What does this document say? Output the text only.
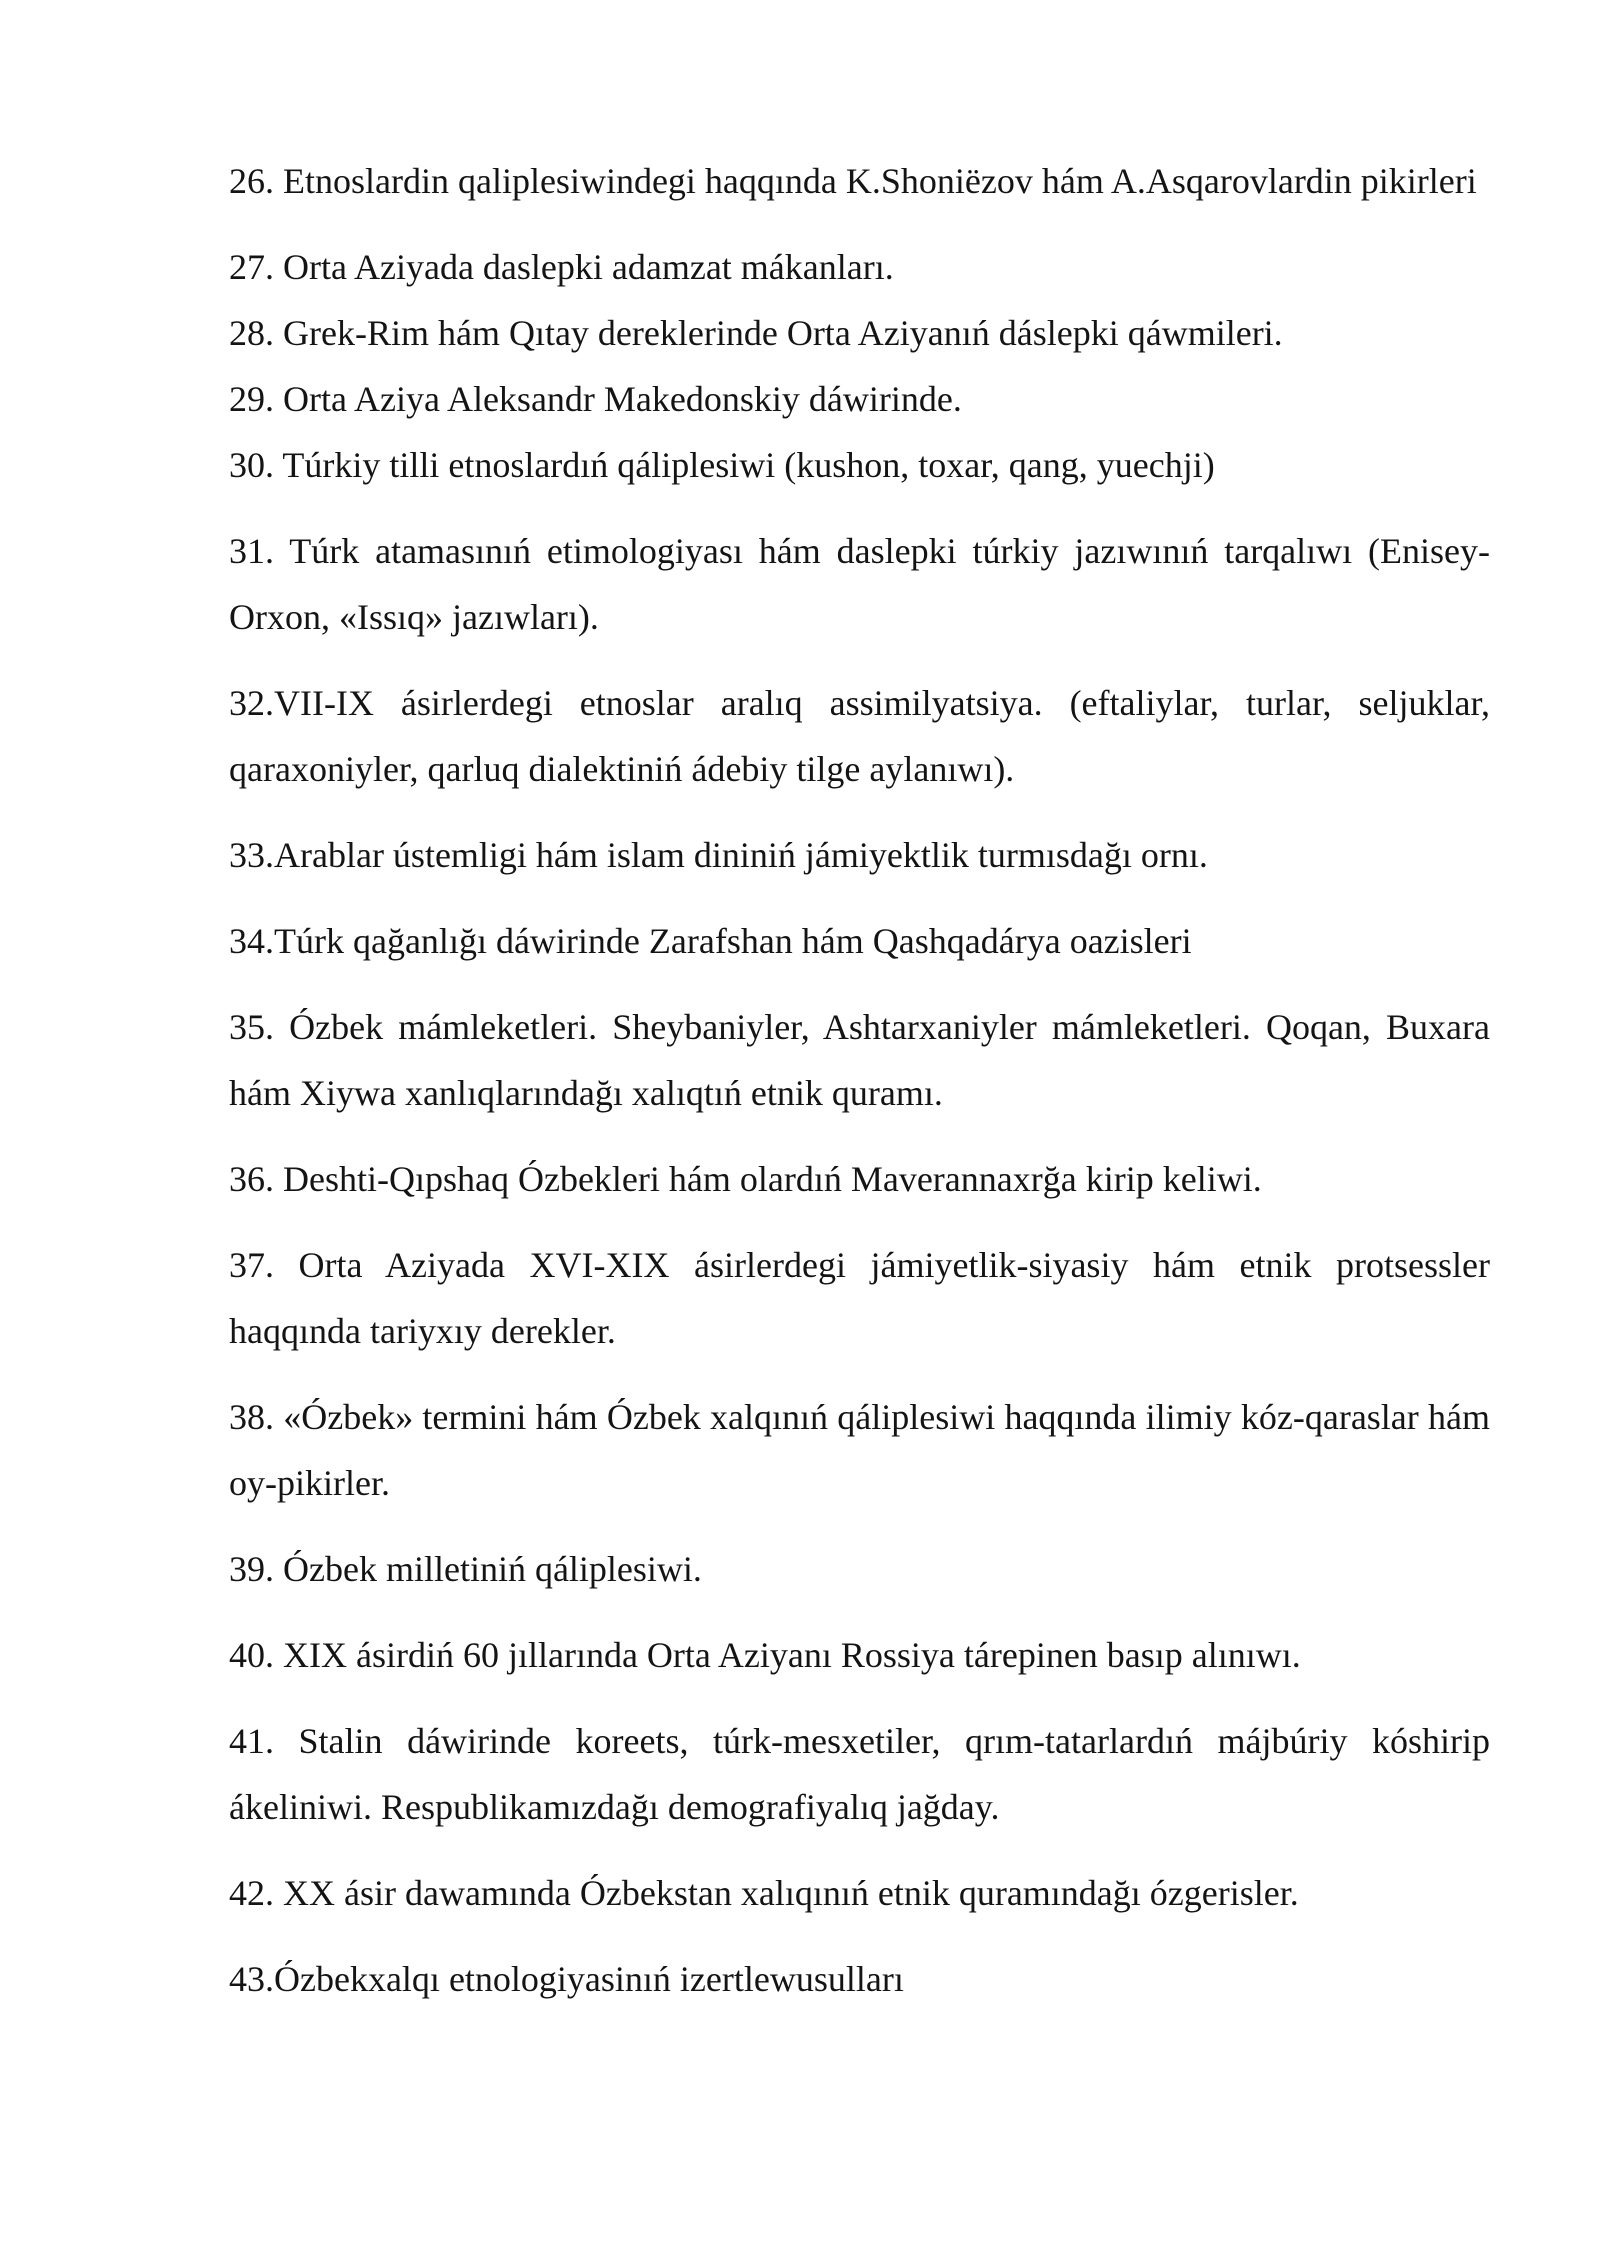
26. Etnoslardin qaliplesiwindegi haqqında K.Shoniëzov hám A.Asqarovlardin pikirleri

27. Orta Aziyada daslepki adamzat mákanları.

28. Grek-Rim hám Qıtay dereklerinde Orta Aziyanıń dáslepki qáwmileri.

29. Orta Aziya Aleksandr Makedonskiy dáwirinde.

30. Túrkiy tilli etnoslardıń qáliplesiwi (kushon, toxar, qang, yuechji)

31. Túrk atamasınıń etimologiyası hám daslepki túrkiy jazıwınıń tarqalıwı (Enisey-Orxon, «Issıq» jazıwları).

32.VII-IX ásirlerdegi etnoslar aralıq assimilyatsiya. (eftaliylar, turlar, seljuklar, qaraxoniyler, qarluq dialektiniń ádebiy tilge aylanıwı).

33.Arablar ústemligi hám islam dininiń jámiyektlik turmısdağı ornı.

34.Túrk qağanlığı dáwirinde Zarafshan hám Qashqadárya oazisleri

35. Ózbek mámleketleri. Sheybaniyler, Ashtarxaniyler mámleketleri. Qoqan, Buxara hám Xiywa xanlıqlarındağı xalıqtıń etnik quramı.

36. Deshti-Qıpshaq Ózbekleri hám olardıń Maverannaxrğa kirip keliwi.

37. Orta Aziyada XVI-XIX ásirlerdegi jámiyetlik-siyasiy hám etnik protsessler haqqında tariyxıy derekler.

38. «Ózbek» termini hám Ózbek xalqınıń qáliplesiwi haqqında ilimiy kóz-qaraslar hám oy-pikirler.

39. Ózbek milletiniń qáliplesiwi.

40. XIX ásirdiń 60 jıllarında Orta Aziyanı Rossiya tárepinen basıp alınıwı.

41. Stalin dáwirinde koreets, túrk-mesxetiler, qrım-tatarlardıń májbúriy kóshirip ákeliniwi. Respublikamızdağı demografiyalıq jağday.

42. XX ásir dawamında Ózbekstan xalıqınıń etnik quramındağı ózgerisler.

43.Ózbekxalqı etnologiyasinıń izertlewusulları
